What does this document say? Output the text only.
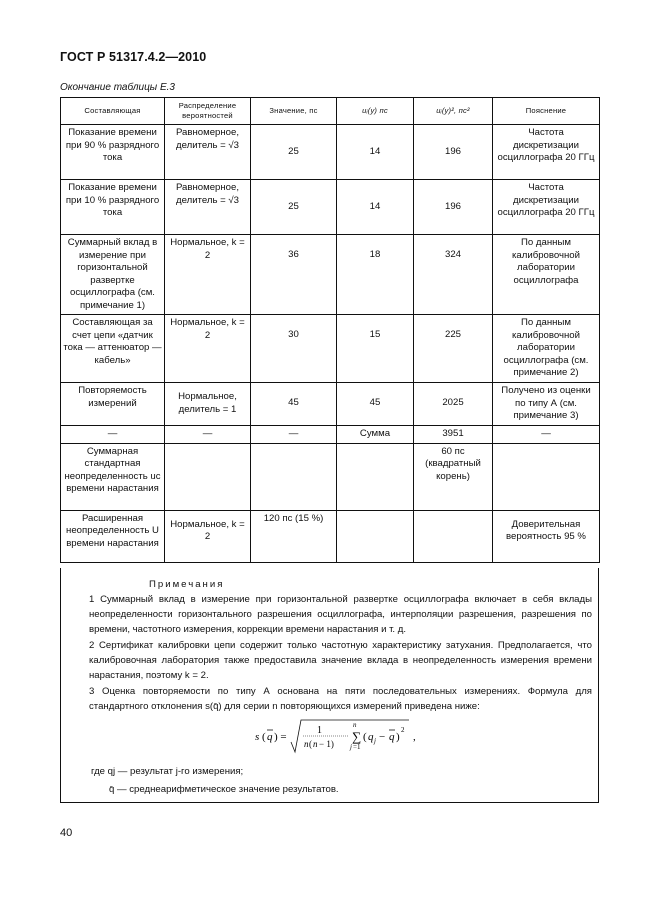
ГОСТ Р 51317.4.2—2010
Окончание таблицы Е.3
Составляющая	Распределение вероятностей	Значение, пс	uᵢ(y) пс	uᵢ(y)², пс²	Пояснение
Показание времени при 90 % разрядного тока	Равномерное, делитель = √3	25	14	196	Частота дискретизации осциллографа 20 ГГц
Показание времени при 10 % разрядного тока	Равномерное, делитель = √3	25	14	196	Частота дискретизации осциллографа 20 ГГц
Суммарный вклад в измерение при горизонтальной развертке осциллографа (см. примечание 1)	Нормальное, k = 2	36	18	324	По данным калибровочной лаборатории осциллографа
Составляющая за счет цепи «датчик тока — аттенюатор — кабель»	Нормальное, k = 2	30	15	225	По данным калибровочной лаборатории осциллографа (см. примечание 2)
Повторяемость измерений	Нормальное, делитель = 1	45	45	2025	Получено из оценки по типу А (см. примечание 3)
—	—	—	Сумма	3951	—
Суммарная стандартная неопределенность uc времени нарастания				60 пс (квадратный корень)	
Расширенная неопределенность U времени нарастания	Нормальное, k = 2	120 пс (15 %)			Доверительная вероятность 95 %
Примечания
1 Суммарный вклад в измерение при горизонтальной развертке осциллографа включает в себя вклады неопределенности горизонтального разрешения осциллографа, интерполяции разрешения, разрешения по времени, частотного измерения, коррекции времени нарастания и т. д.
2 Сертификат калибровки цепи содержит только частотную характеристику затухания. Предполагается, что калибровочная лаборатория также предоставила значение вклада в неопределенность измерения времени нарастания, поэтому k = 2.
3 Оценка повторяемости по типу А основана на пяти последовательных измерениях. Формула для стандартного отклонения s(q̄) для серии n повторяющихся измерений приведена ниже:
s ( q ) =
1
n ( n − 1) ∑
n
j =1
( q j − q )
2
,
где qj — результат j-го измерения;
q̄ — среднеарифметическое значение результатов.
40
